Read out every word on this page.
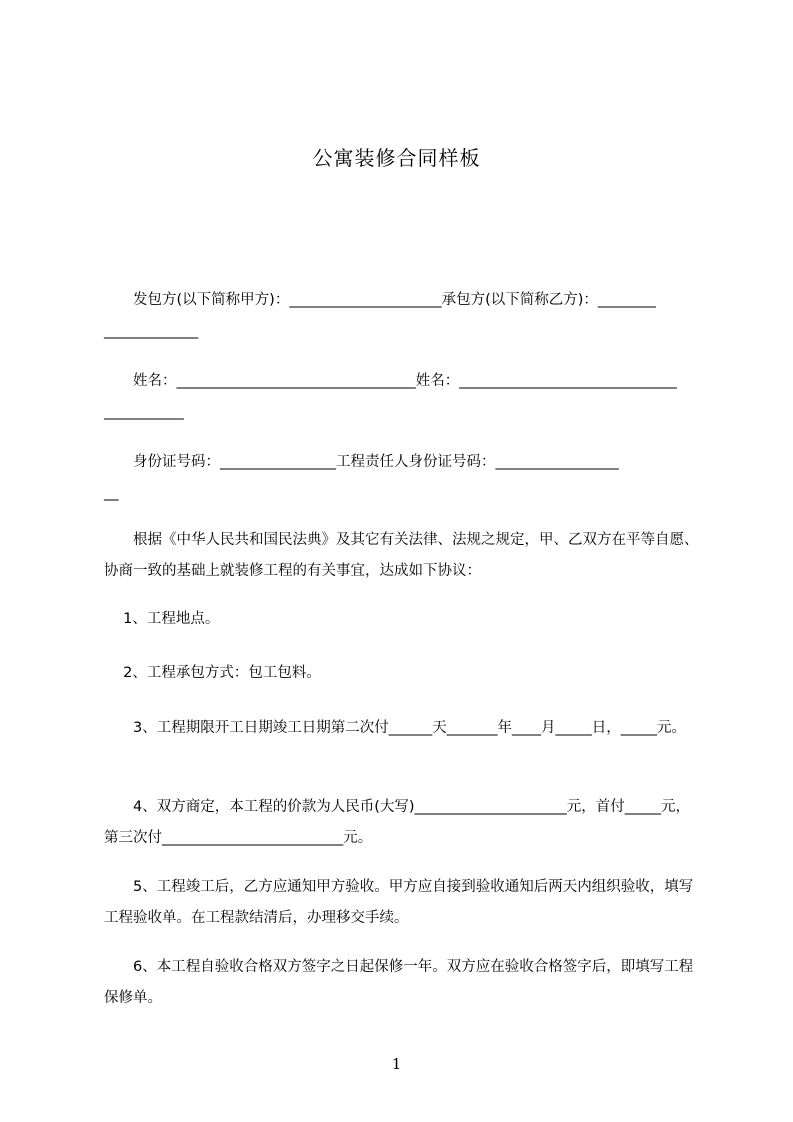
公寓装修合同样板

　　发包方(以下简称甲方)：_____________________承包方(以下简称乙方)：________
_____________

　　姓名：_________________________________姓名：______________________________
___________

　　身份证号码：________________工程责任人身份证号码：_________________
__

　　根据《中华人民共和国民法典》及其它有关法律、法规之规定，甲、乙双方在平等自愿、协商一致的基础上就装修工程的有关事宜，达成如下协议：

　 1、工程地点。

　 2、工程承包方式：包工包料。

　　3、工程期限开工日期竣工日期第二次付______天_______年____月_____日，_____元。

　　4、双方商定，本工程的价款为人民币(大写)_____________________元，首付_____元，第三次付_________________________元。

　　5、工程竣工后，乙方应通知甲方验收。甲方应自接到验收通知后两天内组织验收，填写工程验收单。在工程款结清后，办理移交手续。

　　6、本工程自验收合格双方签字之日起保修一年。双方应在验收合格签字后，即填写工程保修单。

1
